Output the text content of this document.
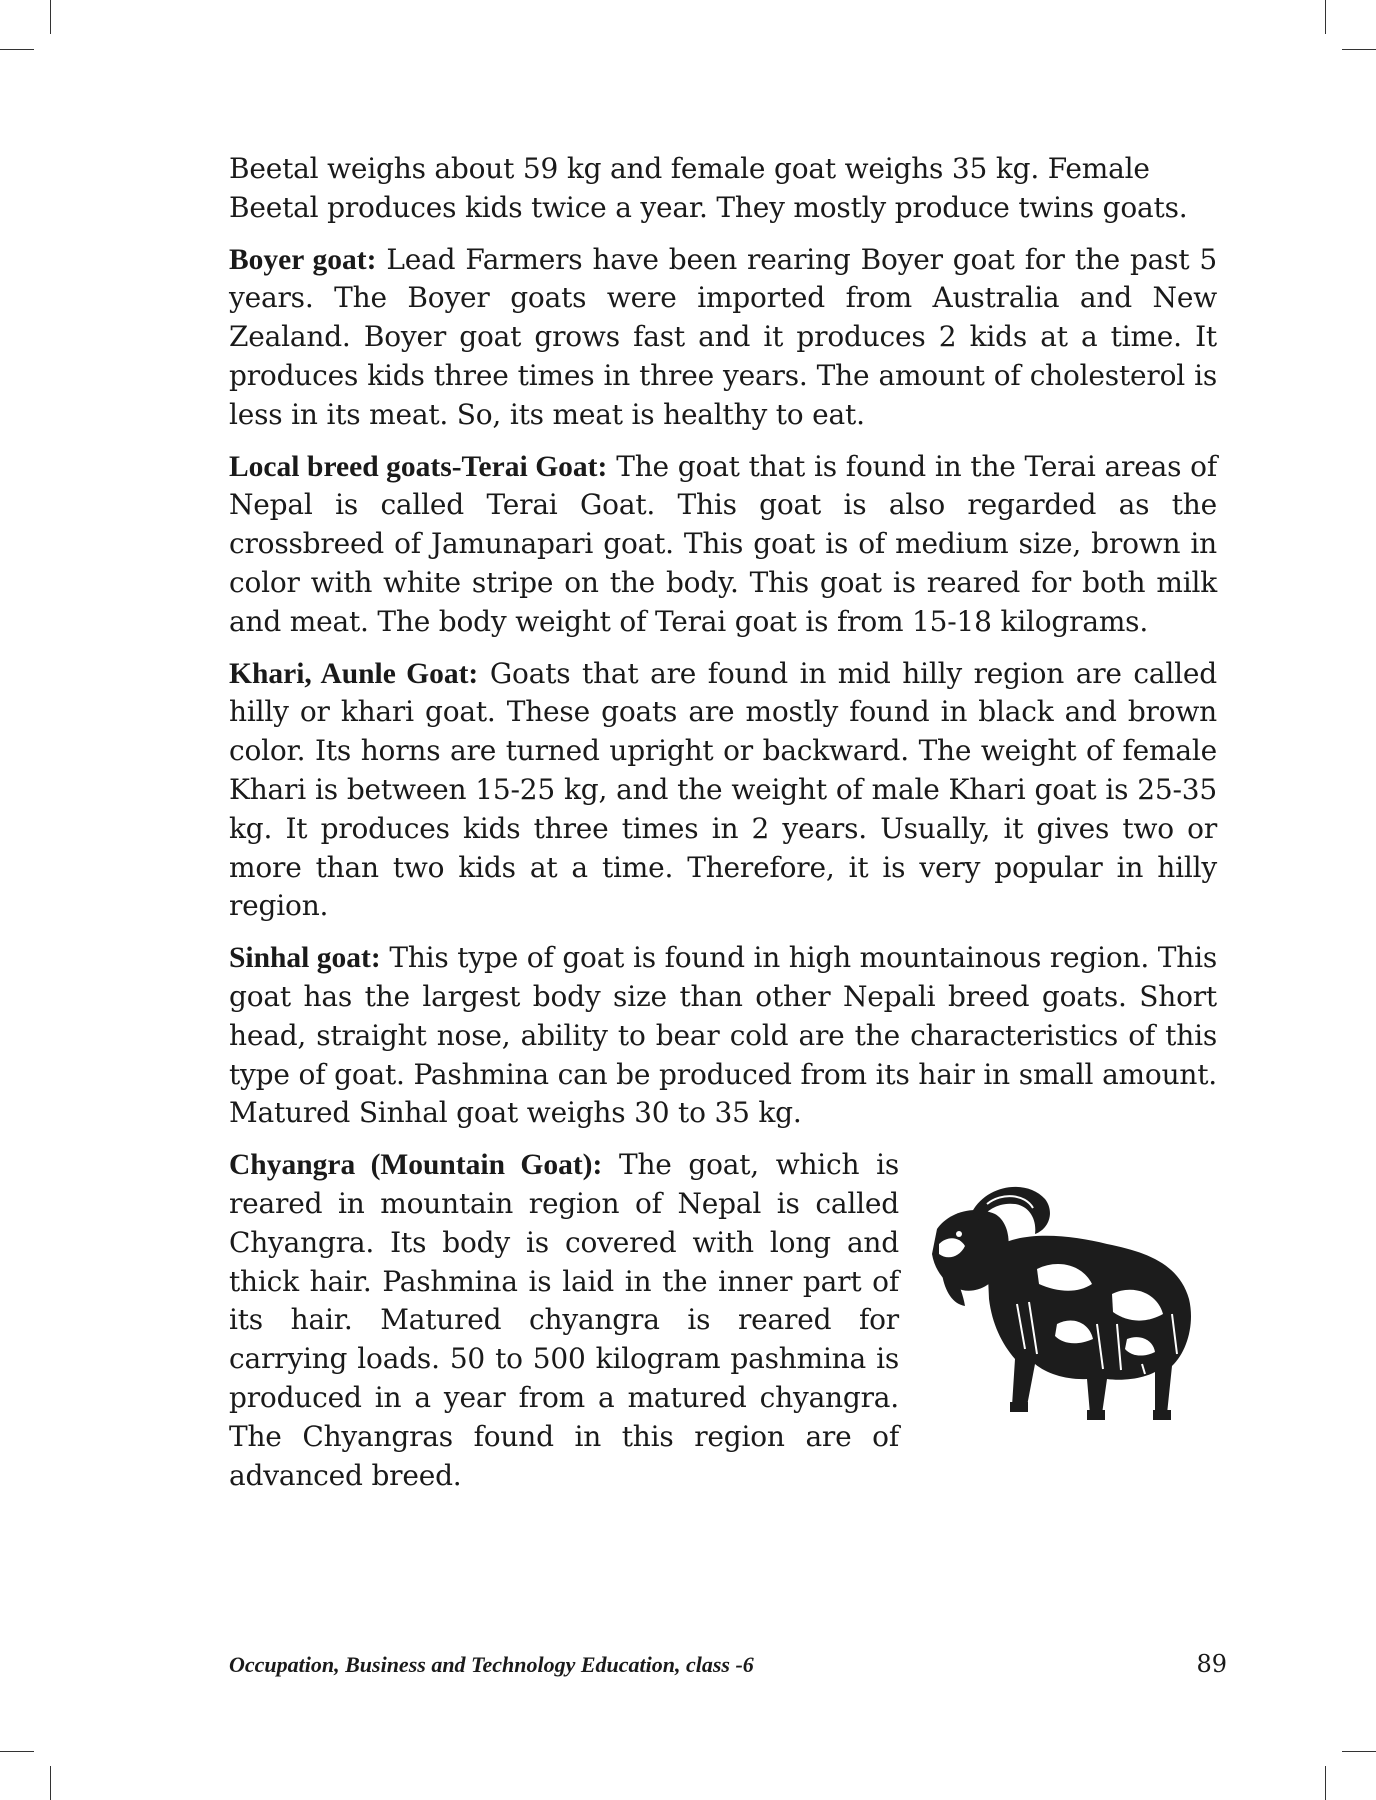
Beetal weighs about 59 kg and female goat weighs 35 kg. Female Beetal produces kids twice a year. They mostly produce twins goats.

Boyer goat: Lead Farmers have been rearing Boyer goat for the past 5 years. The Boyer goats were imported from Australia and New Zealand. Boyer goat grows fast and it produces 2 kids at a time. It produces kids three times in three years. The amount of cholesterol is less in its meat. So, its meat is healthy to eat.

Local breed goats-Terai Goat: The goat that is found in the Terai areas of Nepal is called Terai Goat. This goat is also regarded as the crossbreed of Jamunapari goat. This goat is of medium size, brown in color with white stripe on the body. This goat is reared for both milk and meat. The body weight of Terai goat is from 15-18 kilograms.

Khari, Aunle Goat: Goats that are found in mid hilly region are called hilly or khari goat. These goats are mostly found in black and brown color. Its horns are turned upright or backward. The weight of female Khari is between 15-25 kg, and the weight of male Khari goat is 25-35 kg. It produces kids three times in 2 years. Usually, it gives two or more than two kids at a time. Therefore, it is very popular in hilly region.

Sinhal goat: This type of goat is found in high mountainous region. This goat has the largest body size than other Nepali breed goats. Short head, straight nose, ability to bear cold are the characteristics of this type of goat. Pashmina can be produced from its hair in small amount. Matured Sinhal goat weighs 30 to 35 kg.

Chyangra (Mountain Goat): The goat, which is reared in mountain region of Nepal is called Chyangra. Its body is covered with long and thick hair. Pashmina is laid in the inner part of its hair. Matured chyangra is reared for carrying loads. 50 to 500 kilogram pashmina is produced in a year from a matured chyangra. The Chyangras found in this region are of advanced breed.

Occupation, Business and Technology Education, class -6	89
